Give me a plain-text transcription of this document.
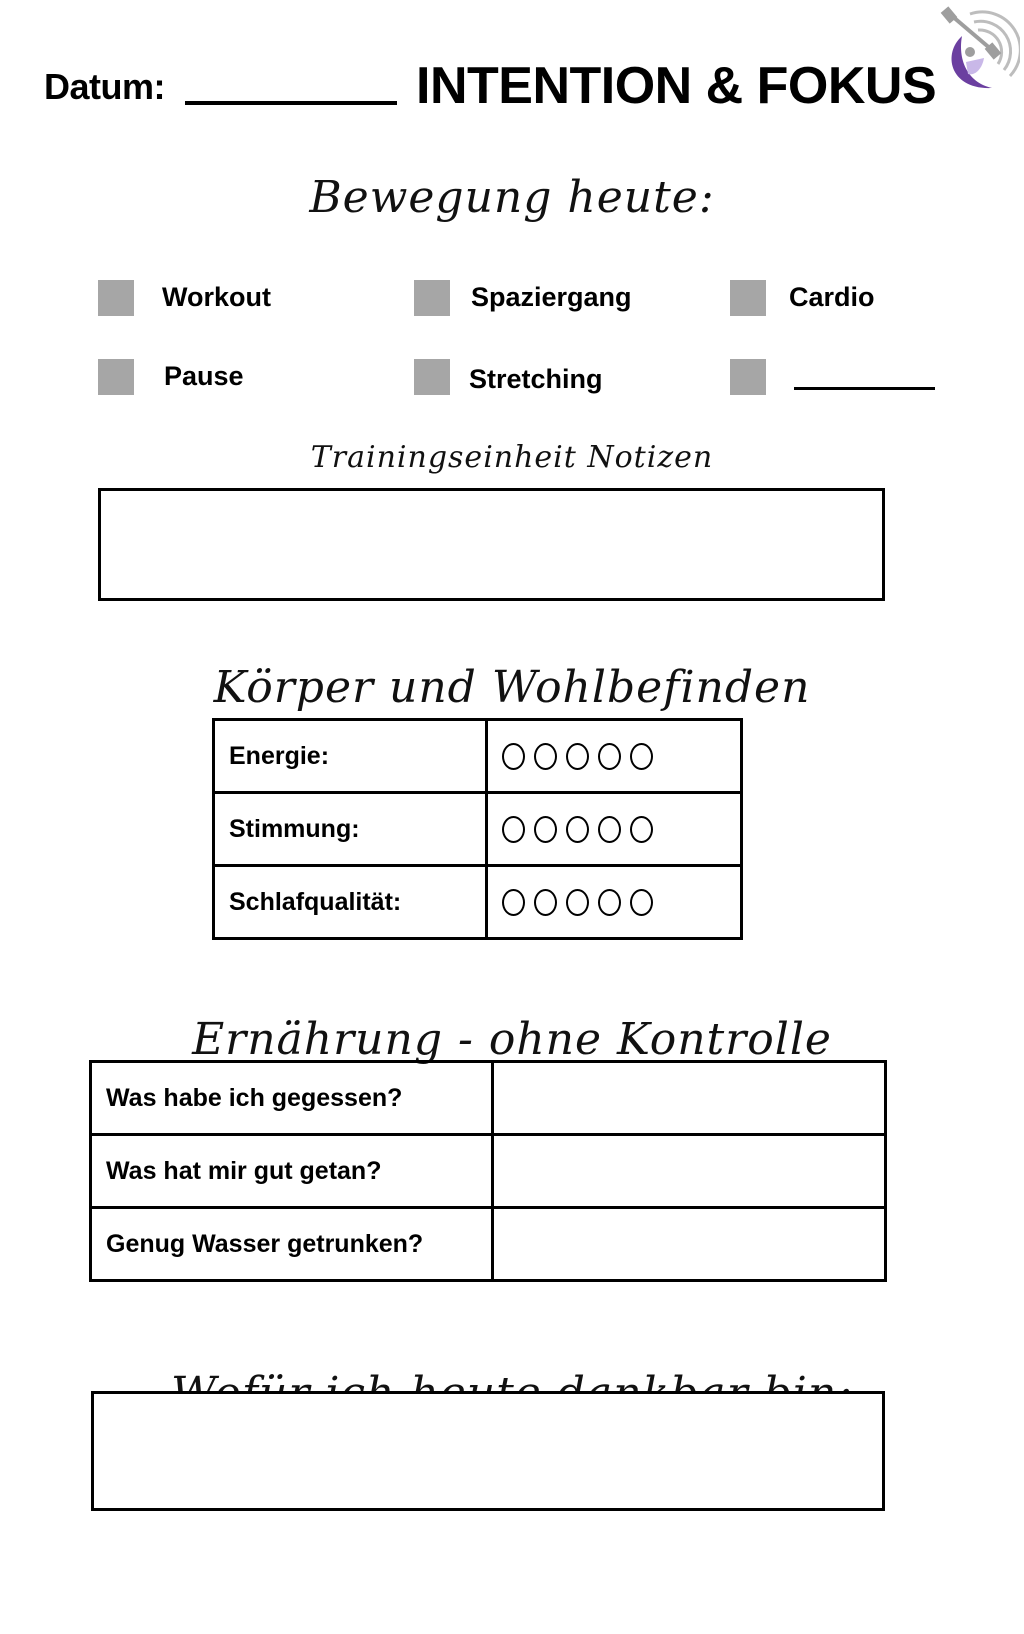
Datum:	INTENTION & FOKUS
Bewegung heute:
Workout	Spaziergang	Cardio
Pause	Stretching
Trainingseinheit Notizen
Körper und Wohlbefinden
Energie:	
Stimmung:	
Schlafqualität:	
Ernährung - ohne Kontrolle
Was habe ich gegessen?	
Was hat mir gut getan?	
Genug Wasser getrunken?	
